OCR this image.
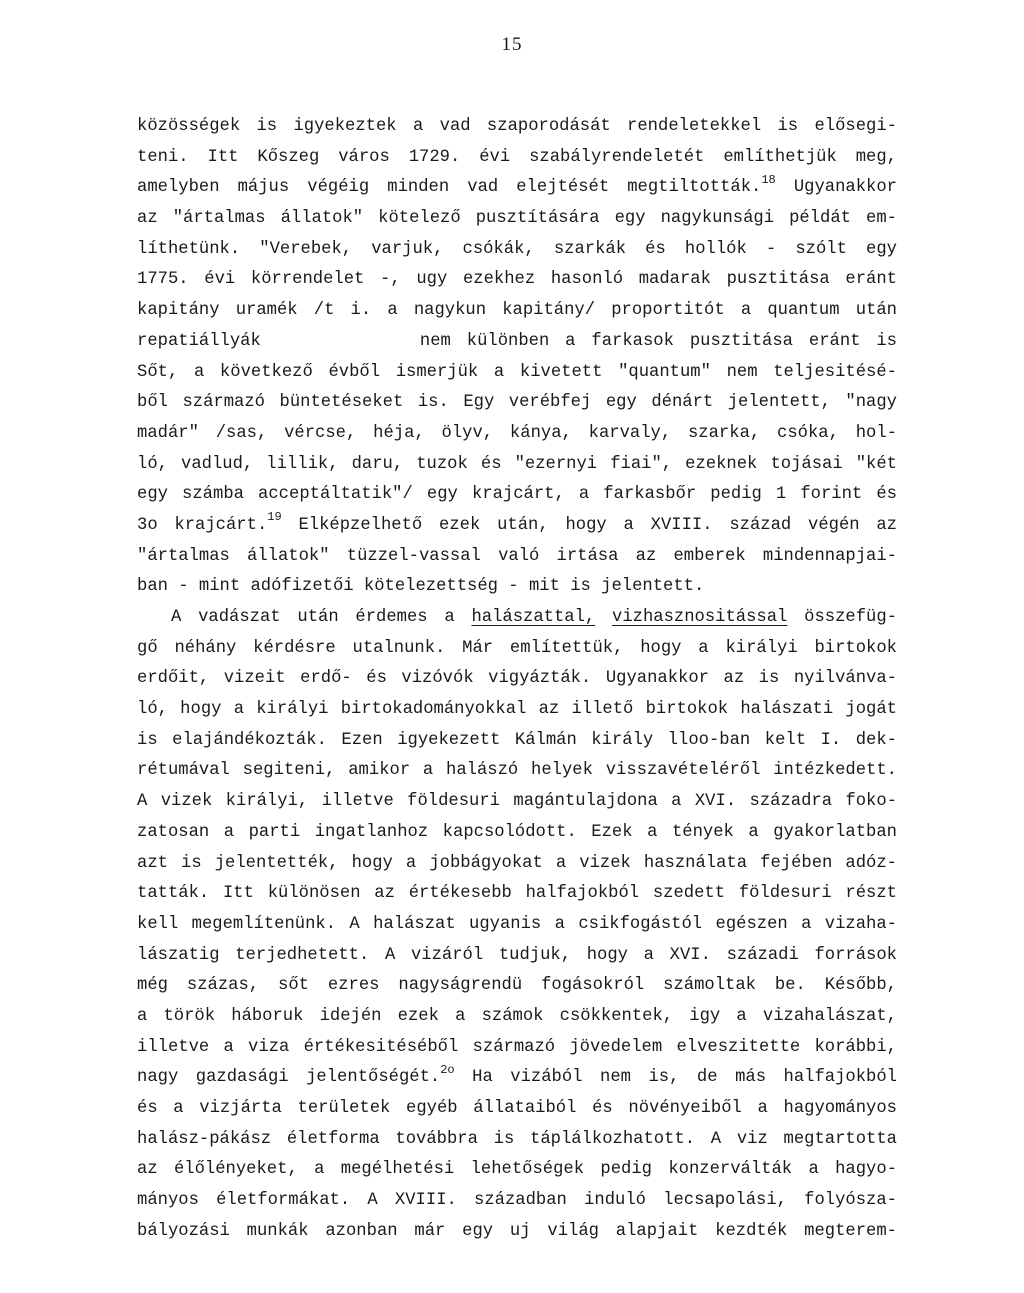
15
közösségek is igyekeztek a vad szaporodását rendeletekkel is elősegi-
teni. Itt Kőszeg város 1729. évi szabályrendeletét említhetjük meg,
amelyben május végéig minden vad elejtését megtiltották.$^{18}$ Ugyanakkor
az "ártalmas állatok" kötelező pusztítására egy nagykunsági példát em-
líthetünk. "Verebek, varjuk, csókák, szarkák és hollók - szólt egy
1775. évi körrendelet -, ugy ezekhez hasonló madarak pusztitása eránt
kapitány uramék /t i. a nagykun kapitány/ proportitót a quantum után
repatiállyák          nem különben a farkasok pusztitása eránt is
Sőt, a következő évből ismerjük a kivetett "quantum" nem teljesitésé-
ből származó büntetéseket is. Egy verébfej egy dénárt jelentett, "nagy
madár" /sas, vércse, héja, ölyv, kánya, karvaly, szarka, csóka, hol-
ló, vadlud, lillik, daru, tuzok és "ezernyi fiai", ezeknek tojásai "két
egy számba acceptáltatik"/ egy krajcárt, a farkasbőr pedig 1 forint és
3o krajcárt.$^{19}$ Elképzelhető ezek után, hogy a XVIII. század végén az
"ártalmas állatok" tüzzel-vassal való irtása az emberek mindennapjai-
ban - mint adófizetői kötelezettség - mit is jelentett.
A vadászat után érdemes a halászattal, vizhasznositással összefüg-
gő néhány kérdésre utalnunk. Már említettük, hogy a királyi birtokok
erdőit, vizeit erdő- és vizóvók vigyázták. Ugyanakkor az is nyilvánva-
ló, hogy a királyi birtokadományokkal az illető birtokok halászati jogát
is elajándékozták. Ezen igyekezett Kálmán király lloo-ban kelt I. dek-
rétumával segiteni, amikor a halászó helyek visszavételéről intézkedett.
A vizek királyi, illetve földesuri magántulajdona a XVI. századra foko-
zatosan a parti ingatlanhoz kapcsolódott. Ezek a tények a gyakorlatban
azt is jelentették, hogy a jobbágyokat a vizek használata fejében adóz-
tatták. Itt különösen az értékesebb halfajokból szedett földesuri részt
kell megemlítenünk. A halászat ugyanis a csikfogástól egészen a vizaha-
lászatig terjedhetett. A vizáról tudjuk, hogy a XVI. századi források
még százas, sőt ezres nagyságrendü fogásokról számoltak be. Később,
a török háboruk idején ezek a számok csökkentek, igy a vizahalászat,
illetve a viza értékesitéséből származó jövedelem elveszitette korábbi,
nagy gazdasági jelentőségét.$^{2o}$ Ha vizából nem is, de más halfajokból
és a vizjárta területek egyéb állataiból és növényeiből a hagyományos
halász-pákász életforma továbbra is táplálkozhatott. A viz megtartotta
az élőlényeket, a megélhetési lehetőségek pedig konzerválták a hagyo-
mányos életformákat. A XVIII. században induló lecsapolási, folyósza-
bályozási munkák azonban már egy uj világ alapjait kezdték megterem-
